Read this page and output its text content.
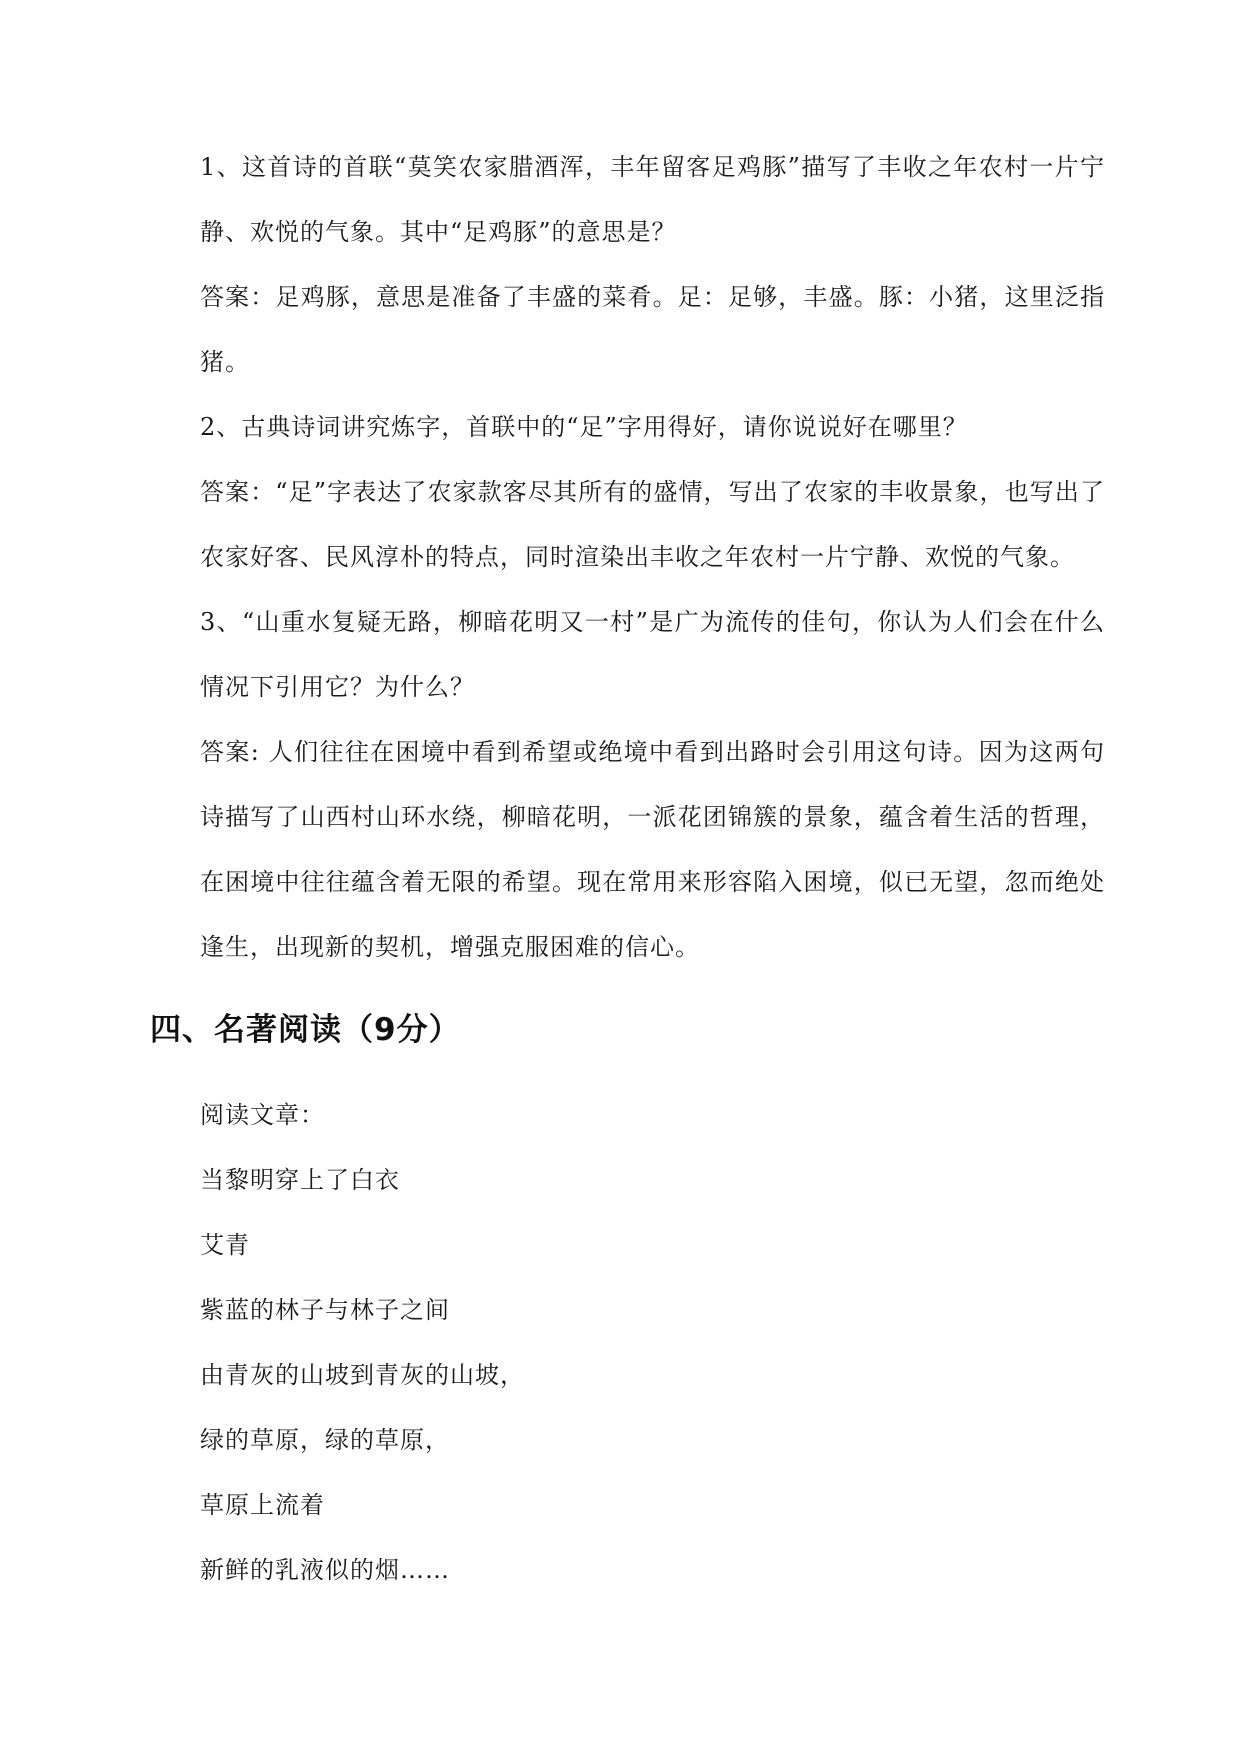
1、这首诗的首联“莫笑农家腊酒浑，丰年留客足鸡豚”描写了丰收之年农村一片宁静、欢悦的气象。其中“足鸡豚”的意思是？

答案：足鸡豚，意思是准备了丰盛的菜肴。足：足够，丰盛。豚：小猪，这里泛指猪。

2、古典诗词讲究炼字，首联中的“足”字用得好，请你说说好在哪里？

答案：“足”字表达了农家款客尽其所有的盛情，写出了农家的丰收景象，也写出了农家好客、民风淳朴的特点，同时渲染出丰收之年农村一片宁静、欢悦的气象。

3、“山重水复疑无路，柳暗花明又一村”是广为流传的佳句，你认为人们会在什么情况下引用它？为什么？

答案: 人们往往在困境中看到希望或绝境中看到出路时会引用这句诗。因为这两句诗描写了山西村山环水绕，柳暗花明，一派花团锦簇的景象，蕴含着生活的哲理，在困境中往往蕴含着无限的希望。现在常用来形容陷入困境，似已无望，忽而绝处逢生，出现新的契机，增强克服困难的信心。

四、名著阅读（9分）

阅读文章：

当黎明穿上了白衣

艾青

紫蓝的林子与林子之间

由青灰的山坡到青灰的山坡，

绿的草原，绿的草原，

草原上流着

新鲜的乳液似的烟……
